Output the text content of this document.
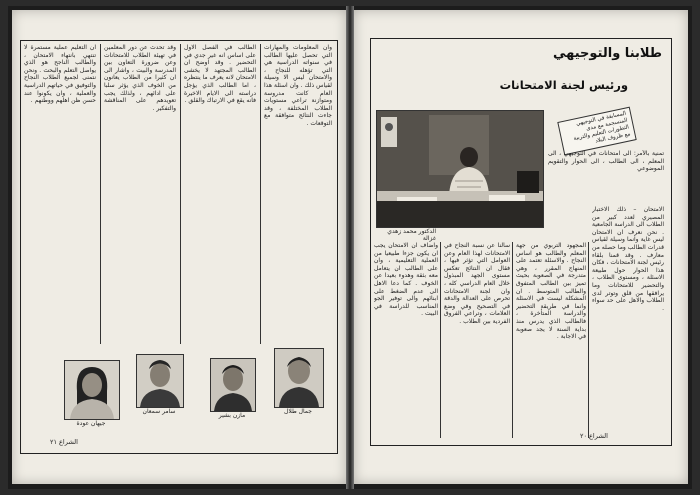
ان التعليم عملية مستمرة لا تنتهي بانتهاء الامتحان ، والطالب الناجح هو الذي يواصل التعلم والبحث . ونحن نتمنى لجميع الطلاب النجاح والتوفيق في حياتهم الدراسية والعملية ، وان يكونوا عند حسن ظن اهلهم ووطنهم .
وقد تحدث عن دور المعلمين في تهيئة الطلاب للامتحانات وعن ضرورة التعاون بين المدرسة والبيت ، واشار الى ان كثيرا من الطلاب يعانون من الخوف الذي يؤثر سلبا على ادائهم ، ولذلك يجب تعويدهم على المناقشة والتفكير .
الطالب في الفصل الاول على اساس انه غير جدي في التحضير . وقد اوضح ان الطالب المجتهد لا يخشى الامتحان لانه يعرف ما ينتظره ، اما الطالب الذي يؤجل دراسته الى الايام الاخيرة فانه يقع في الارتباك والقلق .
وان المعلومات والمهارات التي تحصل عليها الطالب في سنواته الدراسية هي التي تؤهله للنجاح ، والامتحان ليس الا وسيلة لقياس ذلك . وان اسئلة هذا العام كانت مدروسة ومتوازنة تراعي مستويات الطلاب المختلفة ، وقد جاءت النتائج متوافقة مع التوقعات .
جمال طلال
مازن بشير
سامر سمعان
جيهان عودة
الشراع ٢١
طلابنا والتوجيهي
ورئيس لجنة الامتحانات
المسابقة في التوجيهي المنسجمة مع مدى التطورات التعليم والتربية مع ظروف البلاد
الدكتور محمد زهدي غزالة
تمنية بالأمر: الى امتحانات في التوجيهي ، الى المعلم ، الى الطالب ، الى الحوار والتقويم الموضوعي
الامتحان – ذلك الاختبار المصيري لعدد كبير من الطلاب الى الدراسة الجامعية . نحن نعرف ان الامتحان ليس غاية وانما وسيلة لقياس قدرات الطالب وما حصله من معارف . وقد قمنا بلقاء رئيس لجنة الامتحانات ، فكان هذا الحوار حول طبيعة الاسئلة ، ومستوى الطلاب ، والتحضير للامتحانات وما يرافقها من قلق وتوتر لدى الطلاب والاهل على حد سواء .
المجهود التربوي من جهة المعلم والطالب هو اساس النجاح . والاسئلة تعتمد على المنهاج المقرر ، وهي متدرجة في الصعوبة بحيث تميز بين الطالب المتفوق والطالب المتوسط . ان المشكلة ليست في الاسئلة وانما في طريقة التحضير والدراسة المتأخرة ، فالطالب الذي يدرس منذ بداية السنة لا يجد صعوبة في الاجابة .
سألنا عن نسبة النجاح في الامتحانات لهذا العام وعن العوامل التي تؤثر فيها ، فقال ان النتائج تعكس مستوى الجهد المبذول خلال العام الدراسي كله ، وان لجنة الامتحانات تحرص على العدالة والدقة في التصحيح وفي وضع العلامات ، وتراعي الفروق الفردية بين الطلاب .
واضاف ان الامتحان يجب ان يكون جزءا طبيعيا من العملية التعليمية ، وان على الطالب ان يتعامل معه بثقة وهدوء بعيدا عن الخوف . كما دعا الاهل الى عدم الضغط على ابنائهم والى توفير الجو المناسب للدراسة في البيت .
الشراع ٢٠
